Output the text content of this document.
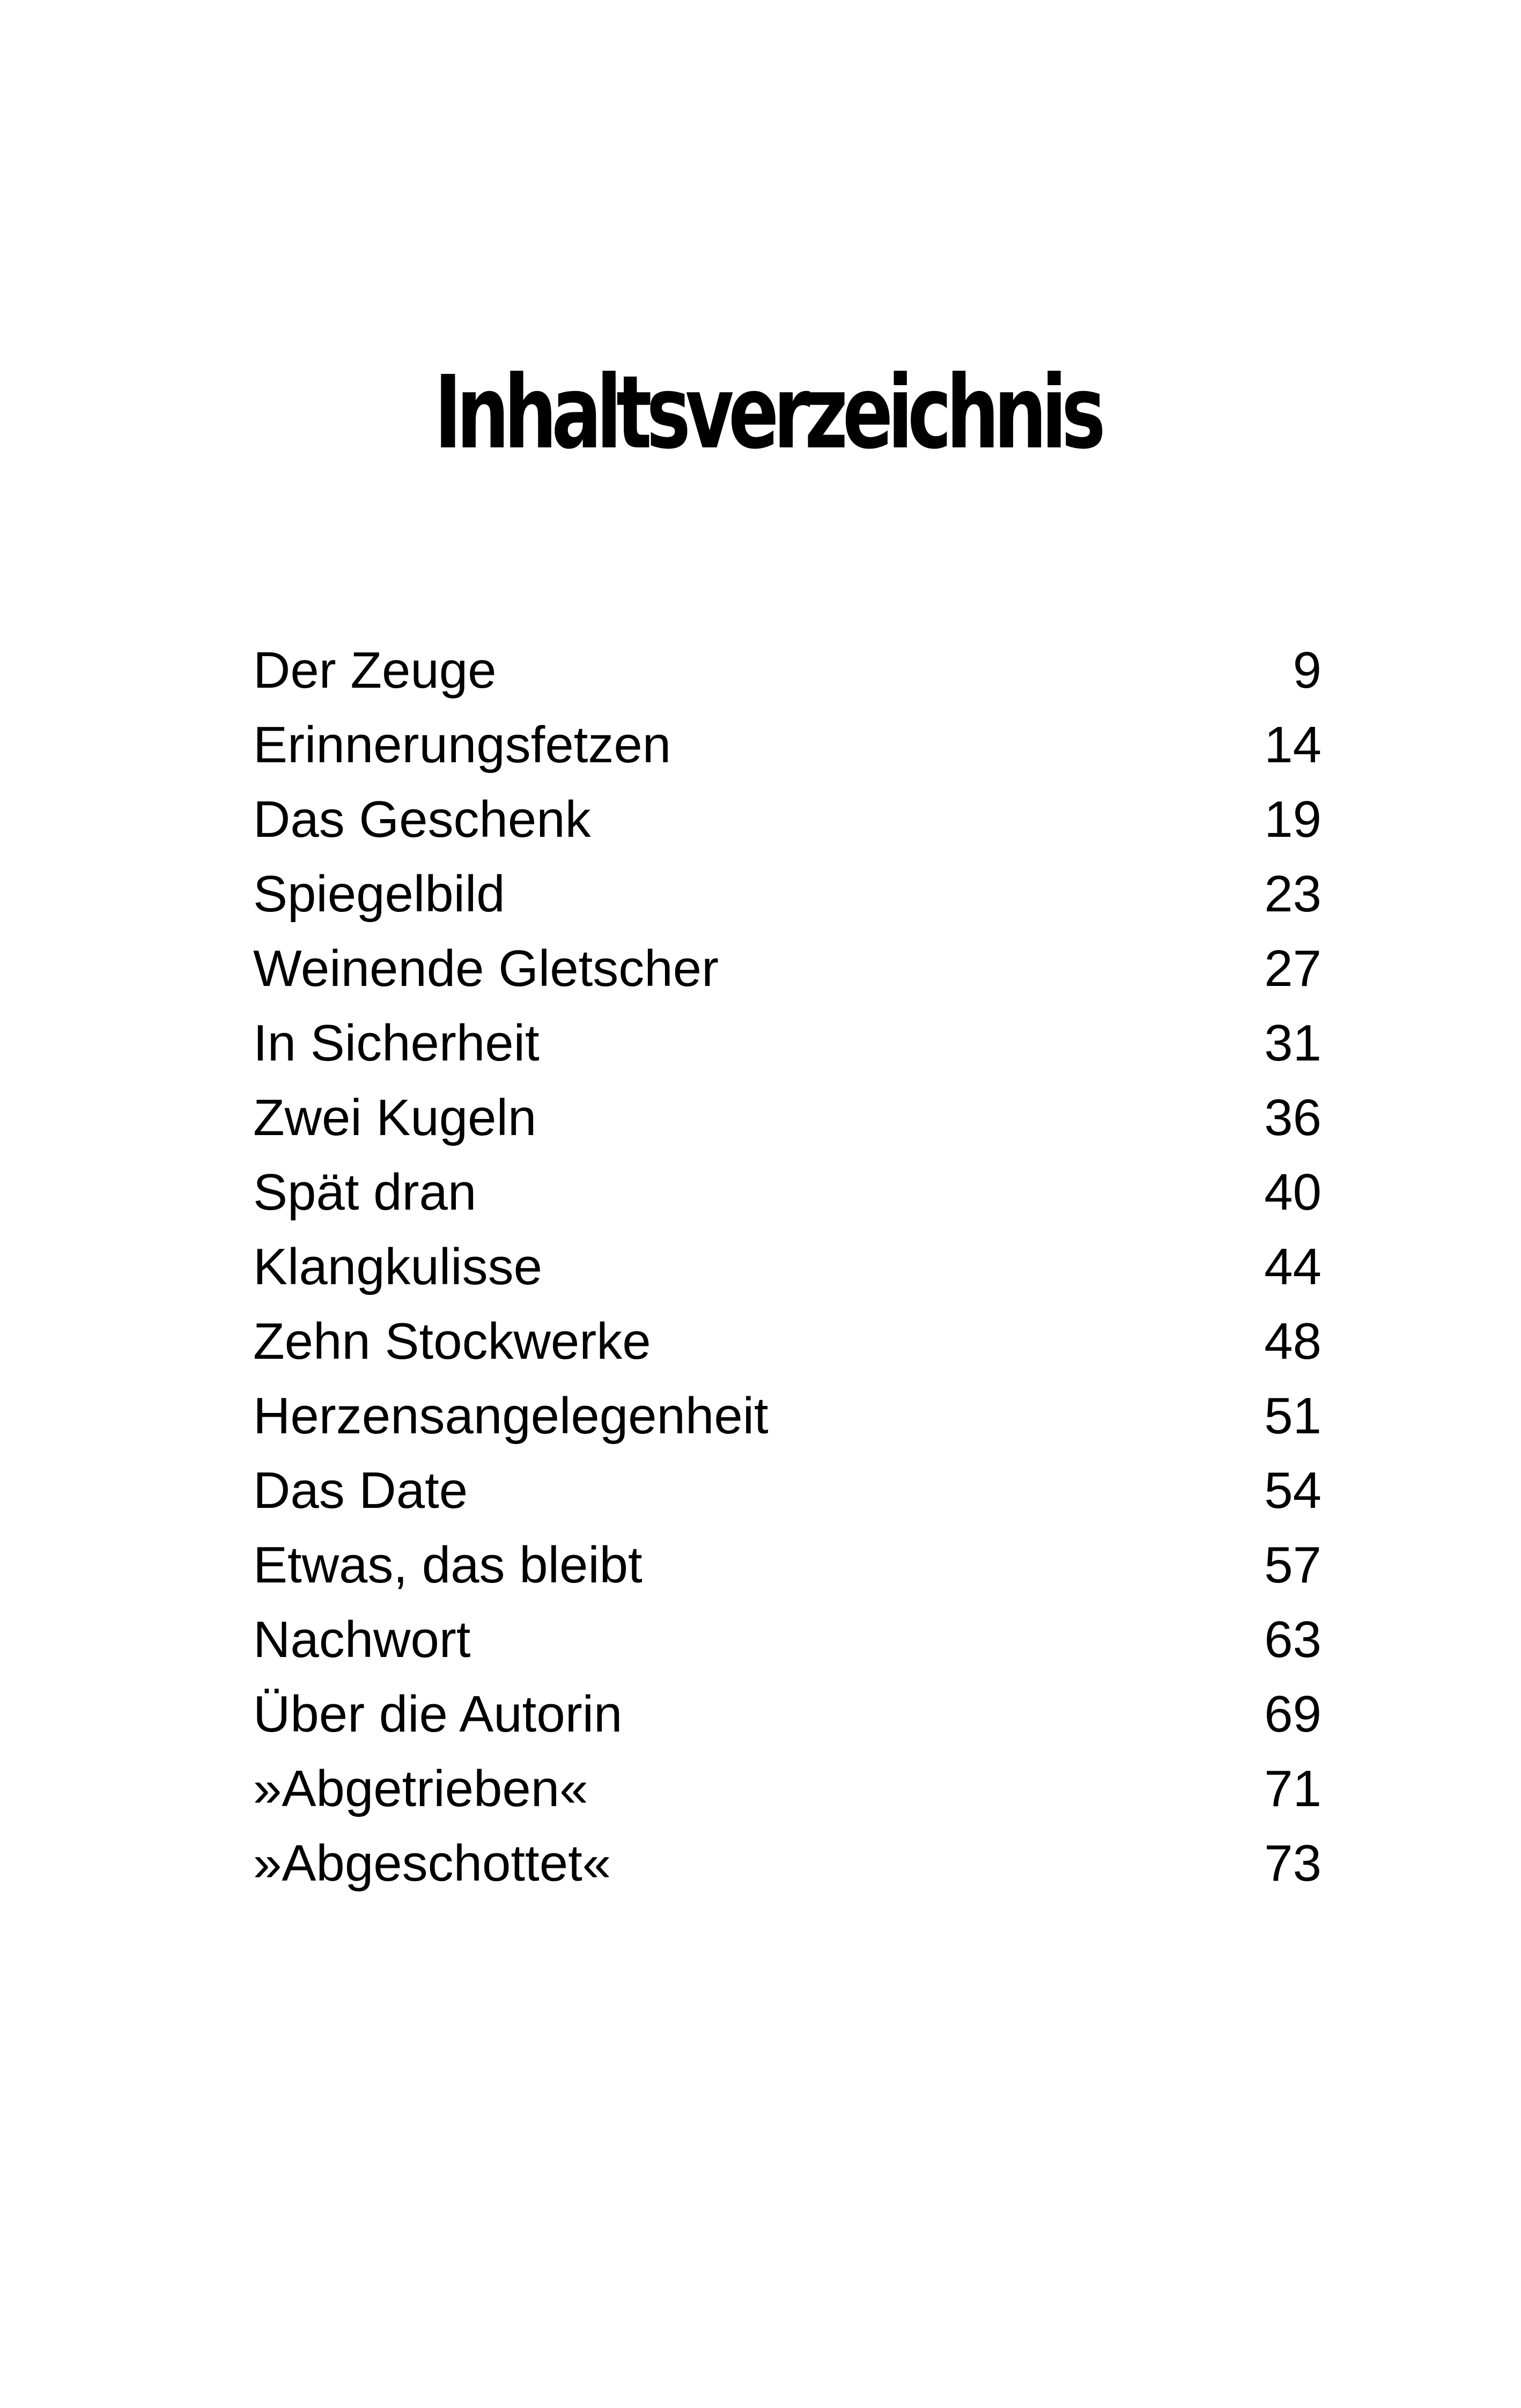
Inhaltsverzeichnis
Der Zeuge	9
Erinnerungsfetzen	14
Das Geschenk	19
Spiegelbild	23
Weinende Gletscher	27
In Sicherheit	31
Zwei Kugeln	36
Spät dran	40
Klangkulisse	44
Zehn Stockwerke	48
Herzensangelegenheit	51
Das Date	54
Etwas, das bleibt	57
Nachwort	63
Über die Autorin	69
»Abgetrieben«	71
»Abgeschottet«	73
